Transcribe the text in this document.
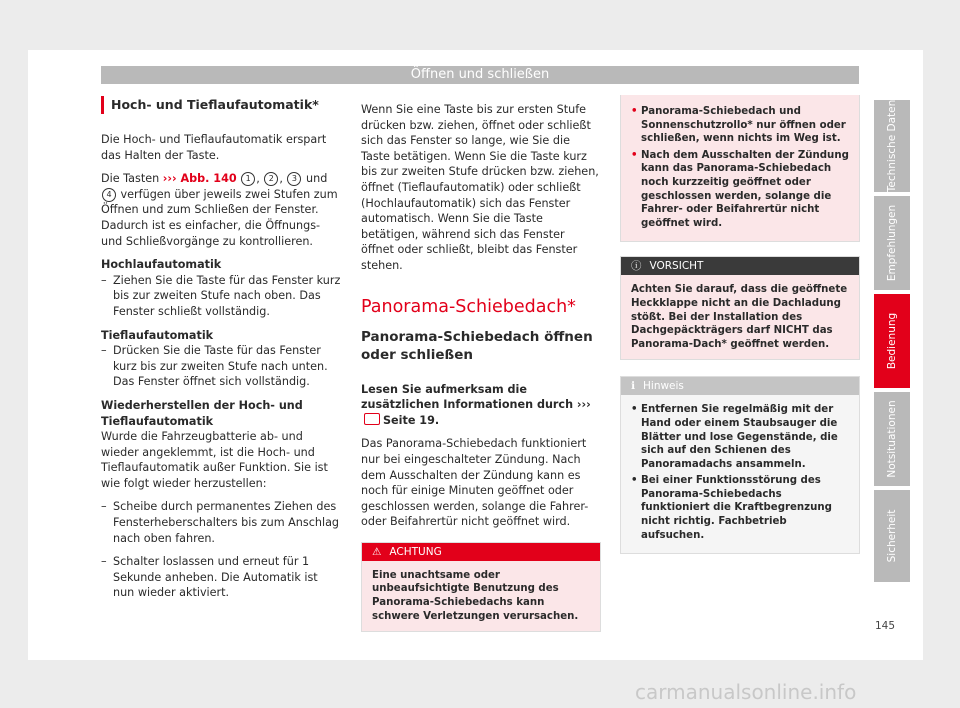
Öffnen und schließen
Hoch- und Tieflaufautomatik*

Die Hoch- und Tieflaufautomatik erspart das Halten der Taste.

Die Tasten ››› Abb. 140 1 , 2 , 3 und 4 verfügen über jeweils zwei Stufen zum Öffnen und zum Schließen der Fenster. Dadurch ist es einfacher, die Öffnungs- und Schließvorgänge zu kontrollieren.

Hochlaufautomatik
– Ziehen Sie die Taste für das Fenster kurz bis zur zweiten Stufe nach oben. Das Fenster schließt vollständig.
Tieflaufautomatik
– Drücken Sie die Taste für das Fenster kurz bis zur zweiten Stufe nach unten. Das Fenster öffnet sich vollständig.
Wiederherstellen der Hoch- und Tieflaufautomatik

Wurde die Fahrzeugbatterie ab- und wieder angeklemmt, ist die Hoch- und Tieflaufautomatik außer Funktion. Sie ist wie folgt wieder herzustellen:

– Scheibe durch permanentes Ziehen des Fensterheberschalters bis zum Anschlag nach oben fahren.
– Schalter loslassen und erneut für 1 Sekunde anheben. Die Automatik ist nun wieder aktiviert.

Wenn Sie eine Taste bis zur ersten Stufe drücken bzw. ziehen, öffnet oder schließt sich das Fenster so lange, wie Sie die Taste betätigen. Wenn Sie die Taste kurz bis zur zweiten Stufe drücken bzw. ziehen, öffnet (Tieflaufautomatik) oder schließt (Hochlaufautomatik) sich das Fenster automatisch. Wenn Sie die Taste betätigen, während sich das Fenster öffnet oder schließt, bleibt das Fenster stehen.

Panorama-Schiebedach*
Panorama-Schiebedach öffnen oder schließen

Lesen Sie aufmerksam die zusätzlichen Informationen durch ›››Seite 19.

Das Panorama-Schiebedach funktioniert nur bei eingeschalteter Zündung. Nach dem Ausschalten der Zündung kann es noch für einige Minuten geöffnet oder geschlossen werden, solange die Fahrer- oder Beifahrertür nicht geöffnet wird.

⚠ ACHTUNG
Eine unachtsame oder unbeaufsichtigte Benutzung des Panorama-Schiebedachs kann schwere Verletzungen verursachen.
• Panorama-Schiebedach und Sonnenschutzrollo* nur öffnen oder schließen, wenn nichts im Weg ist.
• Nach dem Ausschalten der Zündung kann das Panorama-Schiebedach noch kurzzeitig geöffnet oder geschlossen werden, solange die Fahrer- oder Beifahrertür nicht geöffnet wird.
ⓘ VORSICHT
Achten Sie darauf, dass die geöffnete Heckklappe nicht an die Dachladung stößt. Bei der Installation des Dachgepäckträgers darf NICHT das Panorama-Dach* geöffnet werden.
ℹ Hinweis
• Entfernen Sie regelmäßig mit der Hand oder einem Staubsauger die Blätter und lose Gegenstände, die sich auf den Schienen des Panoramadachs ansammeln.
• Bei einer Funktionsstörung des Panorama-Schiebedachs funktioniert die Kraftbegrenzung nicht richtig. Fachbetrieb aufsuchen.
Technische Daten
Empfehlungen
Bedienung
Notsituationen
Sicherheit
145
carmanualsonline.info
